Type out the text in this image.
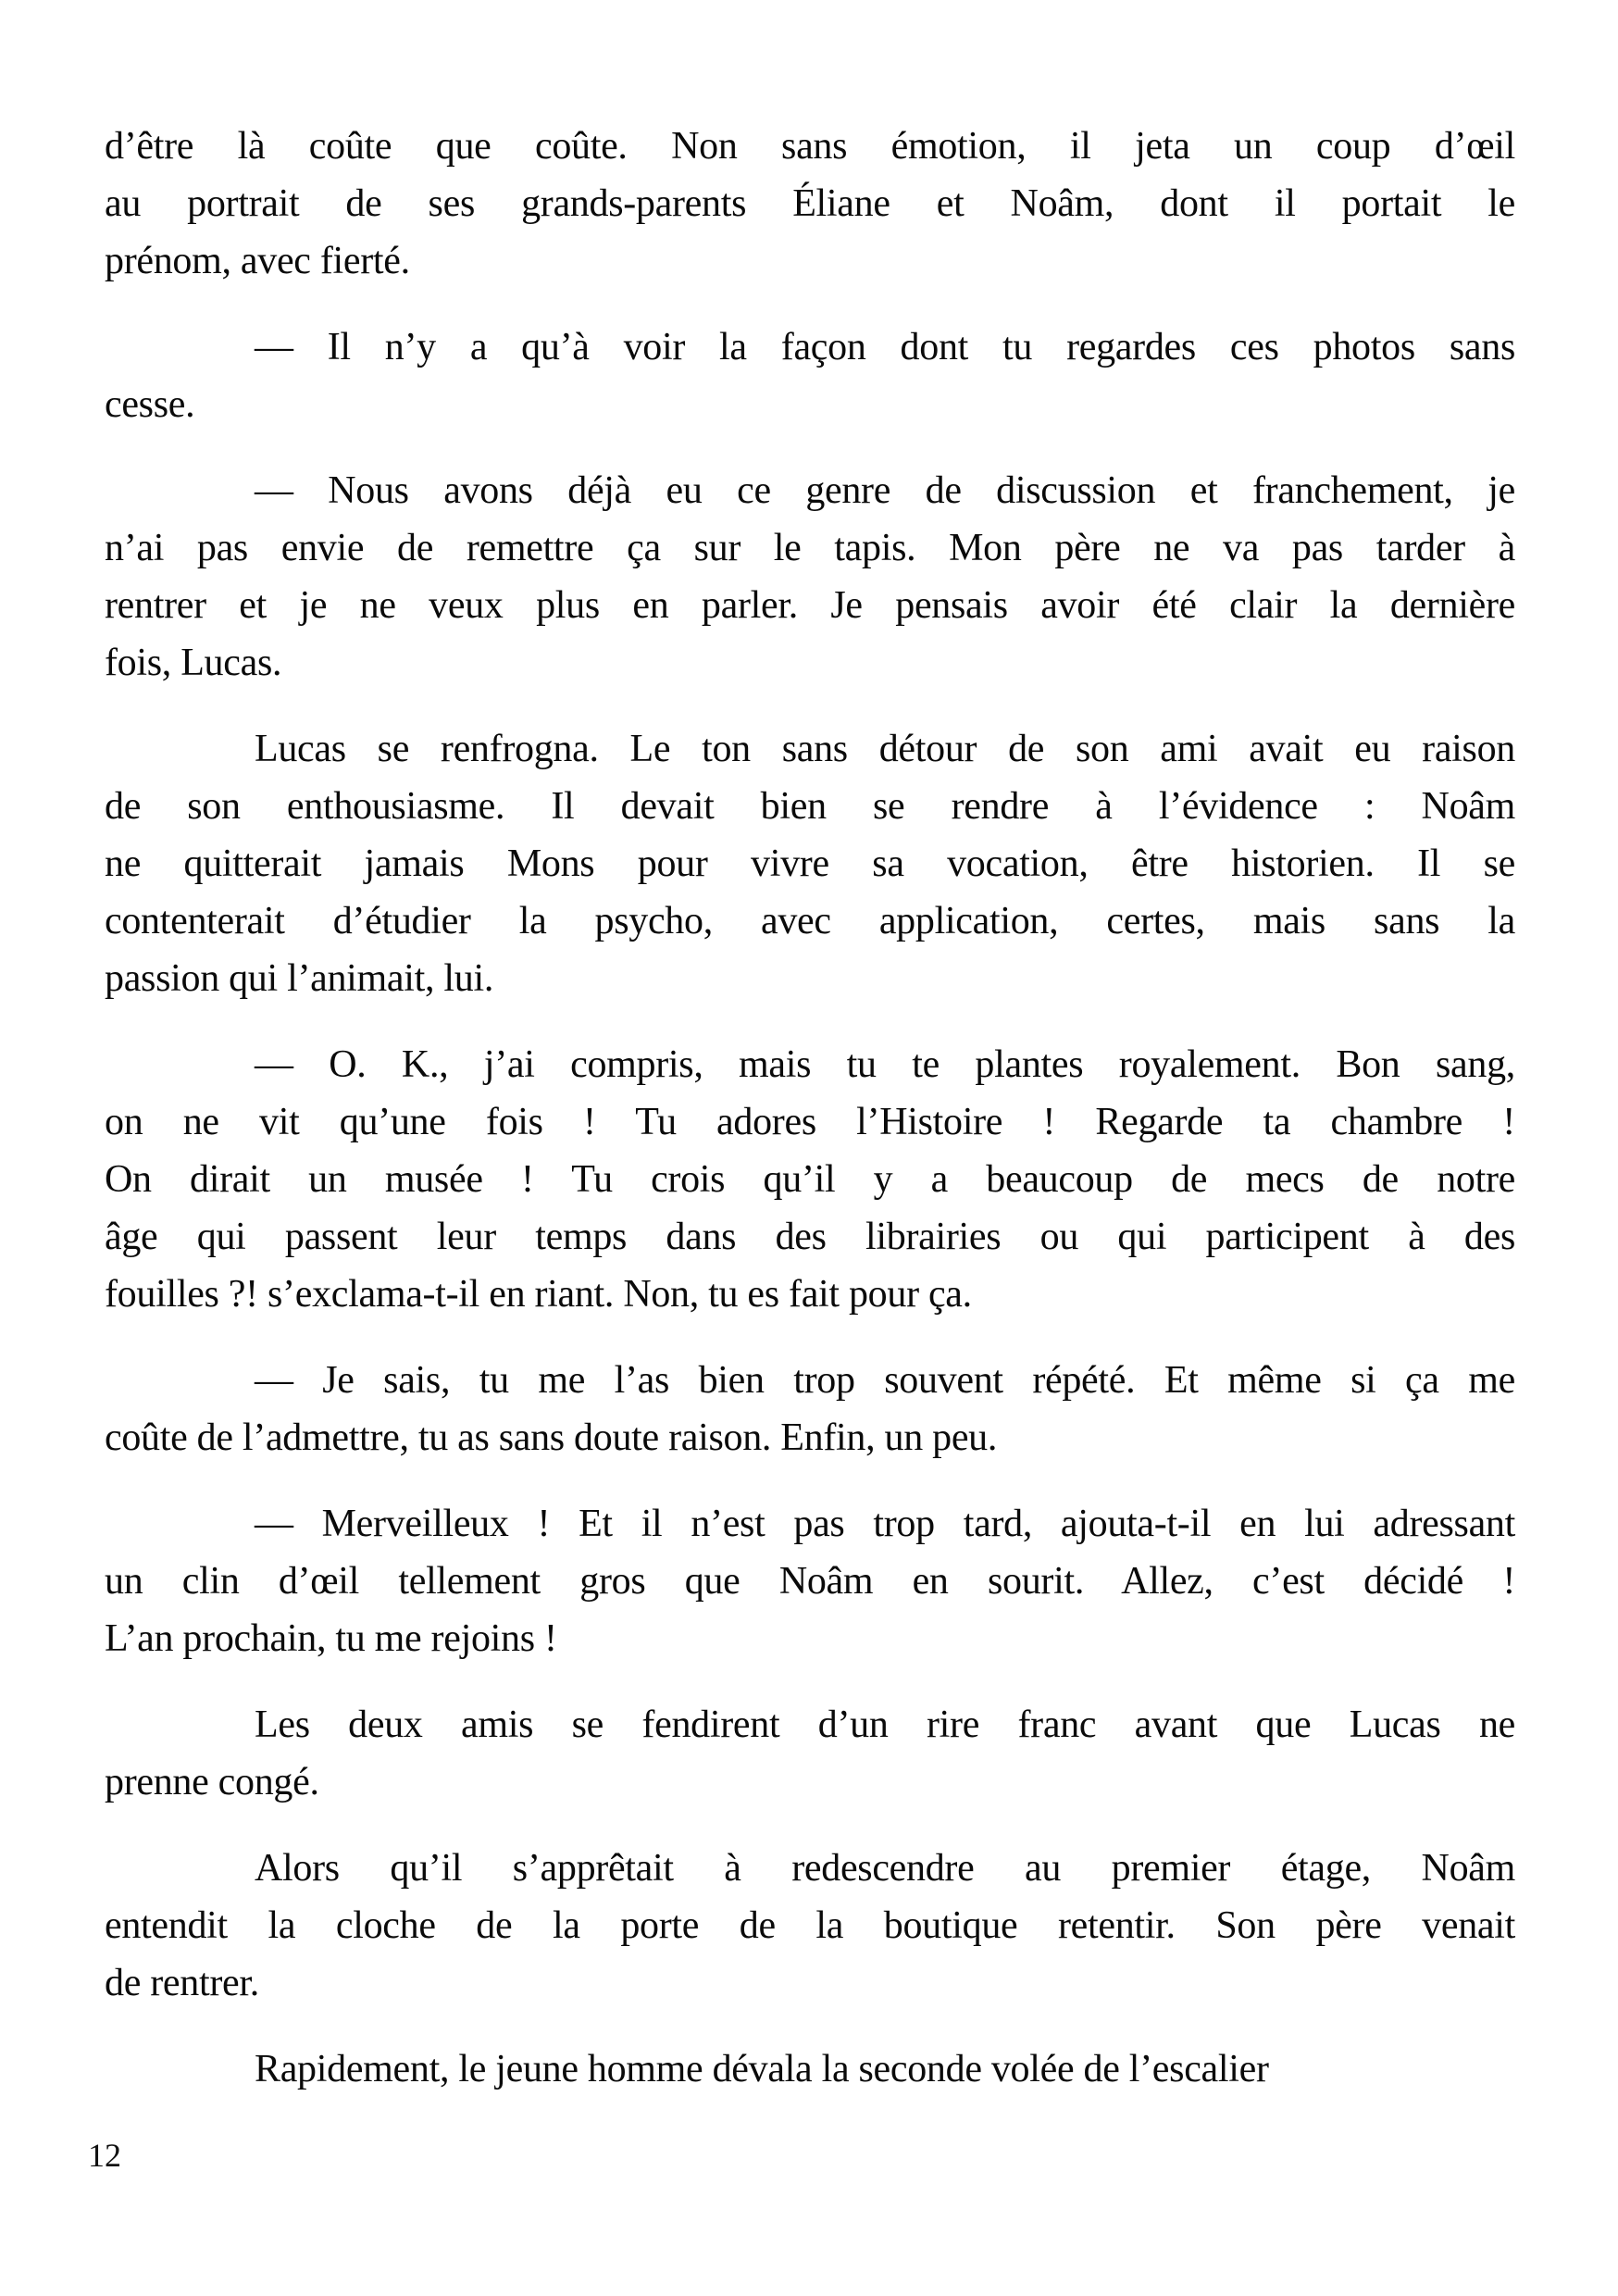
d’être là coûte que coûte. Non sans émotion, il jeta un coup d’œil
au portrait de ses grands-parents Éliane et Noâm, dont il portait le
prénom, avec fierté.

— Il n’y a qu’à voir la façon dont tu regardes ces photos sans
cesse.

— Nous avons déjà eu ce genre de discussion et franchement, je
n’ai pas envie de remettre ça sur le tapis. Mon père ne va pas tarder à
rentrer et je ne veux plus en parler. Je pensais avoir été clair la dernière
fois, Lucas.

Lucas se renfrogna. Le ton sans détour de son ami avait eu raison
de son enthousiasme. Il devait bien se rendre à l’évidence : Noâm
ne quitterait jamais Mons pour vivre sa vocation, être historien. Il se
contenterait d’étudier la psycho, avec application, certes, mais sans la
passion qui l’animait, lui.

— O. K., j’ai compris, mais tu te plantes royalement. Bon sang,
on ne vit qu’une fois ! Tu adores l’Histoire ! Regarde ta chambre !
On dirait un musée ! Tu crois qu’il y a beaucoup de mecs de notre
âge qui passent leur temps dans des librairies ou qui participent à des
fouilles ?! s’exclama-t-il en riant. Non, tu es fait pour ça.

— Je sais, tu me l’as bien trop souvent répété. Et même si ça me
coûte de l’admettre, tu as sans doute raison. Enfin, un peu.

— Merveilleux ! Et il n’est pas trop tard, ajouta-t-il en lui adressant
un clin d’œil tellement gros que Noâm en sourit. Allez, c’est décidé !
L’an prochain, tu me rejoins !

Les deux amis se fendirent d’un rire franc avant que Lucas ne
prenne congé.

Alors qu’il s’apprêtait à redescendre au premier étage, Noâm
entendit la cloche de la porte de la boutique retentir. Son père venait
de rentrer.

Rapidement, le jeune homme dévala la seconde volée de l’escalier

12
